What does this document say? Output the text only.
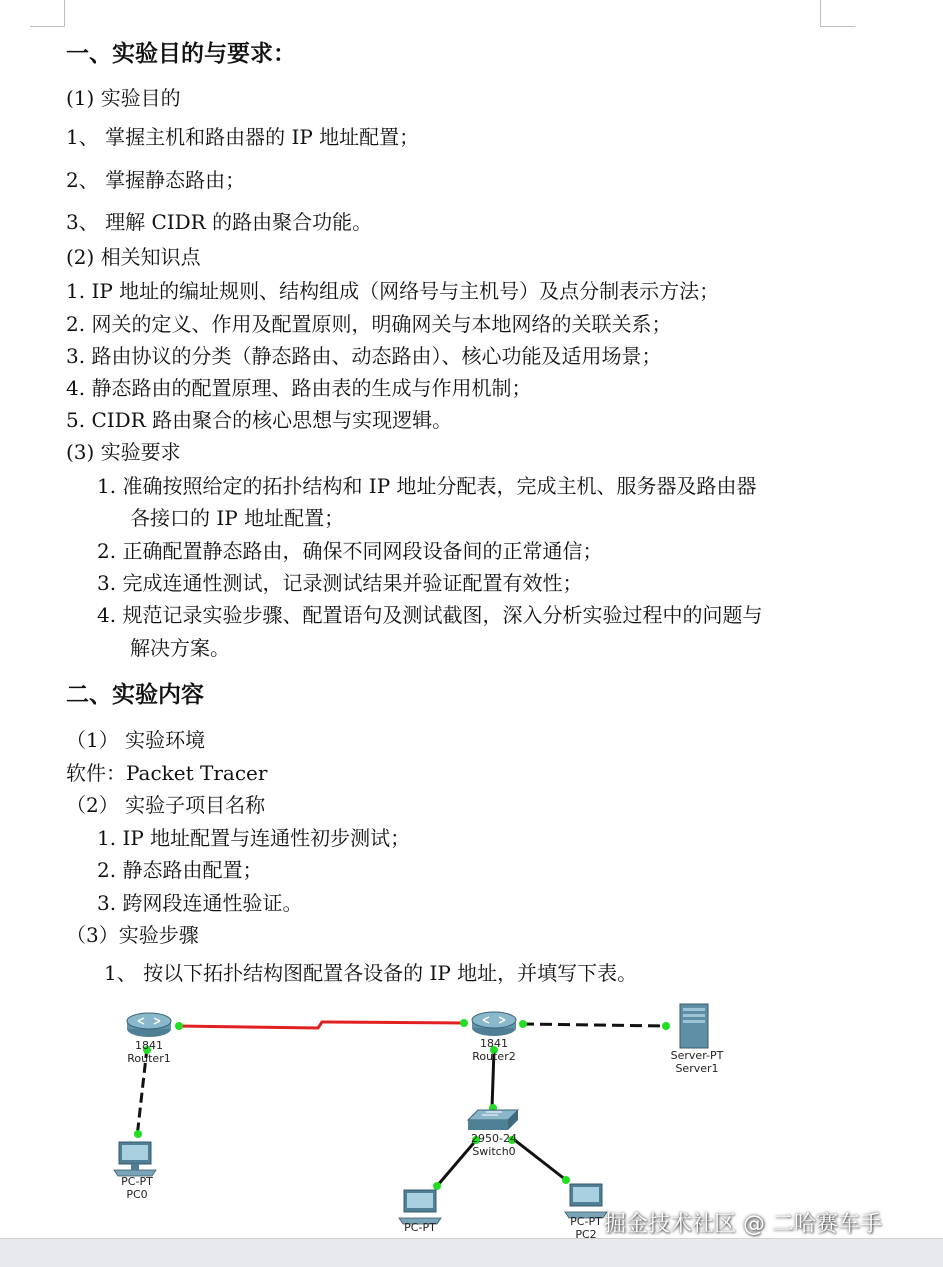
一、实验目的与要求：
(1) 实验目的
1、 掌握主机和路由器的 IP 地址配置；
2、 掌握静态路由；
3、 理解 CIDR 的路由聚合功能。
(2) 相关知识点
1. IP 地址的编址规则、结构组成（网络号与主机号）及点分制表示方法；
2. 网关的定义、作用及配置原则，明确网关与本地网络的关联关系；
3. 路由协议的分类（静态路由、动态路由）、核心功能及适用场景；
4. 静态路由的配置原理、路由表的生成与作用机制；
5. CIDR 路由聚合的核心思想与实现逻辑。
(3) 实验要求
1. 准确按照给定的拓扑结构和 IP 地址分配表，完成主机、服务器及路由器
各接口的 IP 地址配置；
2. 正确配置静态路由，确保不同网段设备间的正常通信；
3. 完成连通性测试，记录测试结果并验证配置有效性；
4. 规范记录实验步骤、配置语句及测试截图，深入分析实验过程中的问题与
解决方案。
二、实验内容
（1） 实验环境
软件：Packet Tracer
（2） 实验子项目名称
1. IP 地址配置与连通性初步测试；
2. 静态路由配置；
3. 跨网段连通性验证。
（3）实验步骤
1、 按以下拓扑结构图配置各设备的 IP 地址，并填写下表。
1841
Router1
1841
Router2	Server-PT
Server1
2950-24
Switch0
PC-PT
PC0
PC-PT	PC-PT
PC2 掘金技术社区 @ 二哈赛车手
